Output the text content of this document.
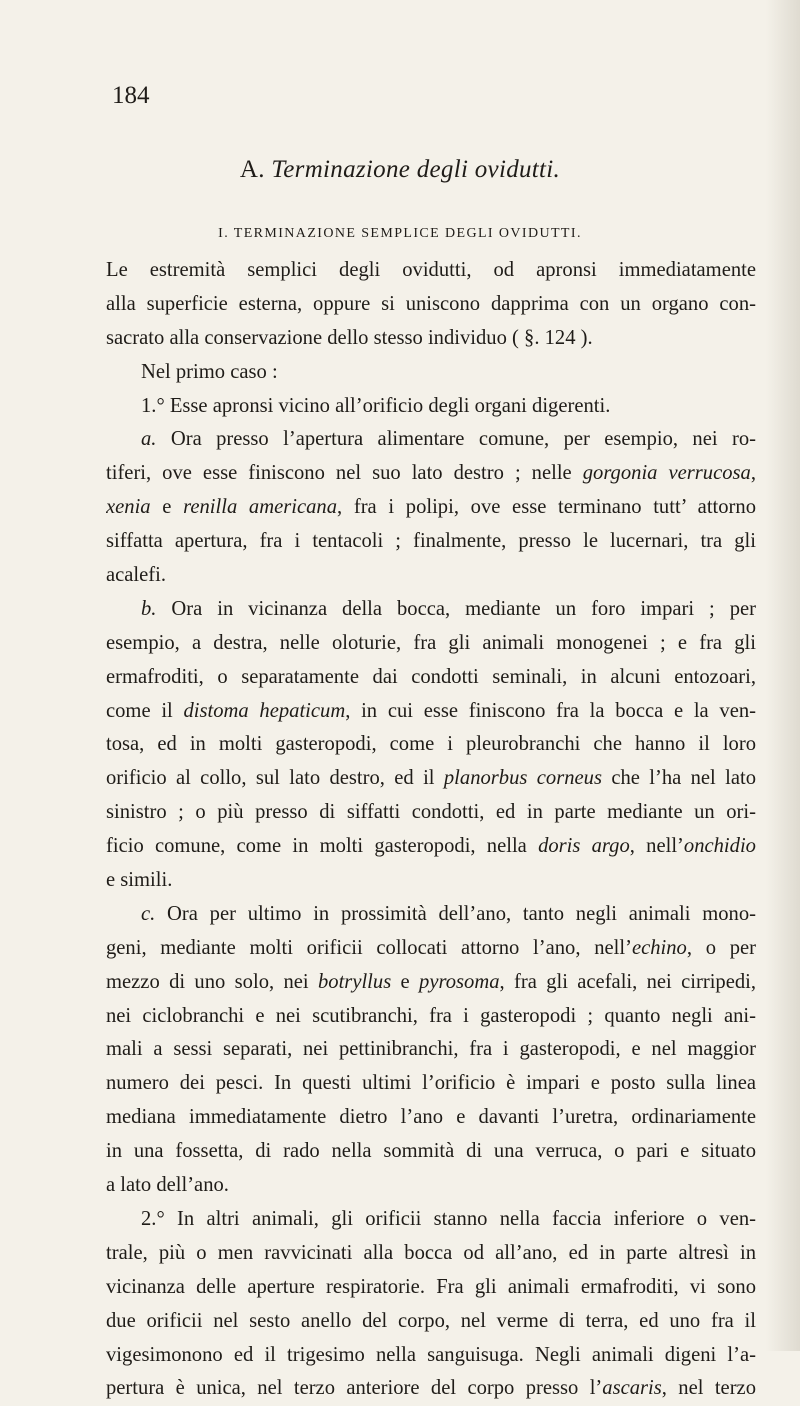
184
A. Terminazione degli ovidutti.
I. TERMINAZIONE SEMPLICE DEGLI OVIDUTTI.
Le estremità semplici degli ovidutti, od apronsi immediatamente
alla superficie esterna, oppure si uniscono dapprima con un organo con-
sacrato alla conservazione dello stesso individuo ( §. 124 ).
Nel primo caso :
1.° Esse apronsi vicino all’orificio degli organi digerenti.
a. Ora presso l’apertura alimentare comune, per esempio, nei ro-
tiferi, ove esse finiscono nel suo lato destro ; nelle gorgonia verrucosa,
xenia e renilla americana, fra i polipi, ove esse terminano tutt’ attorno
siffatta apertura, fra i tentacoli ; finalmente, presso le lucernari, tra gli
acalefi.
b. Ora in vicinanza della bocca, mediante un foro impari ; per
esempio, a destra, nelle oloturie, fra gli animali monogenei ; e fra gli
ermafroditi, o separatamente dai condotti seminali, in alcuni entozoari,
come il distoma hepaticum, in cui esse finiscono fra la bocca e la ven-
tosa, ed in molti gasteropodi, come i pleurobranchi che hanno il loro
orificio al collo, sul lato destro, ed il planorbus corneus che l’ha nel lato
sinistro ; o più presso di siffatti condotti, ed in parte mediante un ori-
ficio comune, come in molti gasteropodi, nella doris argo, nell’onchidio
e simili.
c. Ora per ultimo in prossimità dell’ano, tanto negli animali mono-
geni, mediante molti orificii collocati attorno l’ano, nell’echino, o per
mezzo di uno solo, nei botryllus e pyrosoma, fra gli acefali, nei cirripedi,
nei ciclobranchi e nei scutibranchi, fra i gasteropodi ; quanto negli ani-
mali a sessi separati, nei pettinibranchi, fra i gasteropodi, e nel maggior
numero dei pesci. In questi ultimi l’orificio è impari e posto sulla linea
mediana immediatamente dietro l’ano e davanti l’uretra, ordinariamente
in una fossetta, di rado nella sommità di una verruca, o pari e situato
a lato dell’ano.
2.° In altri animali, gli orificii stanno nella faccia inferiore o ven-
trale, più o men ravvicinati alla bocca od all’ano, ed in parte altresì in
vicinanza delle aperture respiratorie. Fra gli animali ermafroditi, vi sono
due orificii nel sesto anello del corpo, nel verme di terra, ed uno fra il
vigesimonono ed il trigesimo nella sanguisuga. Negli animali digeni l’a-
pertura è unica, nel terzo anteriore del corpo presso l’ascaris, nel terzo
